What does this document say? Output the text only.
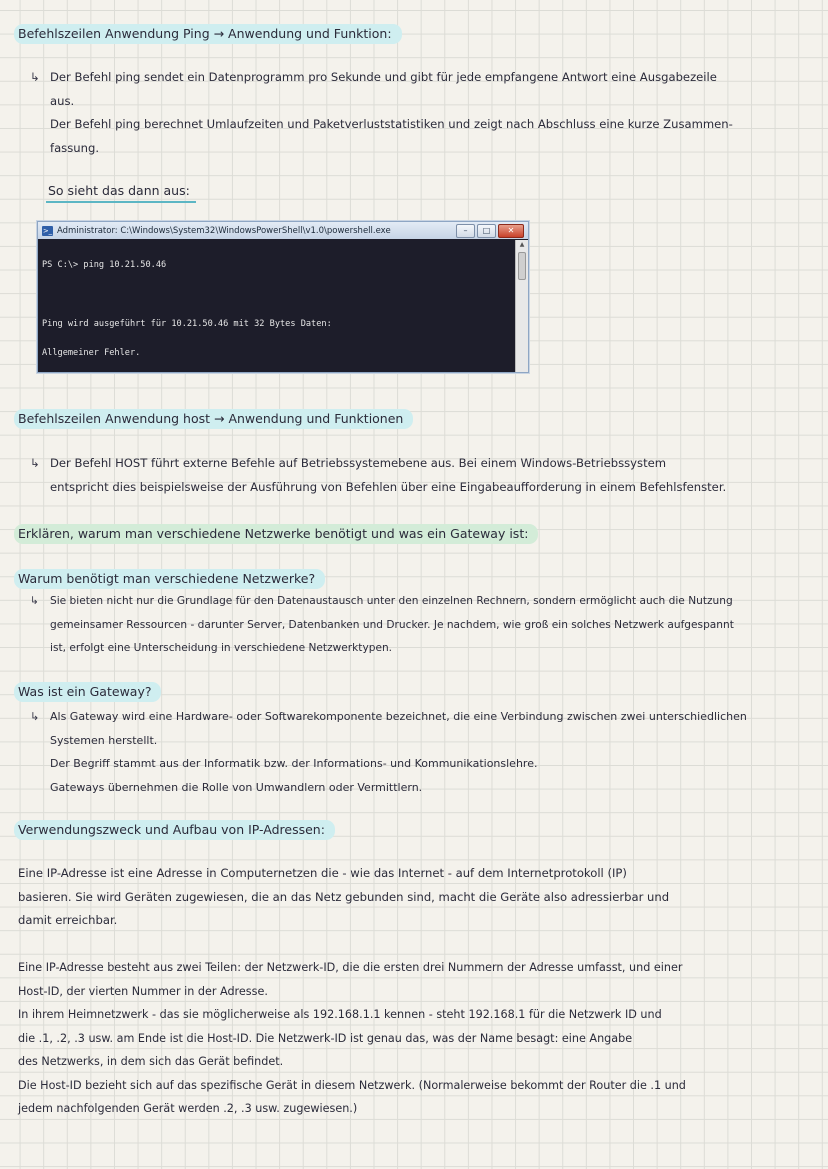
Befehlszeilen Anwendung Ping → Anwendung und Funktion:
↳ Der Befehl ping sendet ein Datenprogramm pro Sekunde und gibt für jede empfangene Antwort eine Ausgabezeile
aus.
Der Befehl ping berechnet Umlaufzeiten und Paketverluststatistiken und zeigt nach Abschluss eine kurze Zusammen-
fassung.
So sieht das dann aus:
>_ Administrator: C:\Windows\System32\WindowsPowerShell\v1.0\powershell.exe	–	□	✕

PS C:\> ping 10.21.50.46

Ping wird ausgeführt für 10.21.50.46 mit 32 Bytes Daten:

Allgemeiner Fehler.

▲
Befehlszeilen Anwendung host → Anwendung und Funktionen
↳ Der Befehl HOST führt externe Befehle auf Betriebssystemebene aus. Bei einem Windows-Betriebssystem
entspricht dies beispielsweise der Ausführung von Befehlen über eine Eingabeaufforderung in einem Befehlsfenster.
Erklären, warum man verschiedene Netzwerke benötigt und was ein Gateway ist:
Warum benötigt man verschiedene Netzwerke?
↳ Sie bieten nicht nur die Grundlage für den Datenaustausch unter den einzelnen Rechnern, sondern ermöglicht auch die Nutzung
gemeinsamer Ressourcen - darunter Server, Datenbanken und Drucker. Je nachdem, wie groß ein solches Netzwerk aufgespannt
ist, erfolgt eine Unterscheidung in verschiedene Netzwerktypen.
Was ist ein Gateway?
↳ Als Gateway wird eine Hardware- oder Softwarekomponente bezeichnet, die eine Verbindung zwischen zwei unterschiedlichen
Systemen herstellt.
Der Begriff stammt aus der Informatik bzw. der Informations- und Kommunikationslehre.
Gateways übernehmen die Rolle von Umwandlern oder Vermittlern.
Verwendungszweck und Aufbau von IP-Adressen:
Eine IP-Adresse ist eine Adresse in Computernetzen die - wie das Internet - auf dem Internetprotokoll (IP)
basieren. Sie wird Geräten zugewiesen, die an das Netz gebunden sind, macht die Geräte also adressierbar und
damit erreichbar.
Eine IP-Adresse besteht aus zwei Teilen: der Netzwerk-ID, die die ersten drei Nummern der Adresse umfasst, und einer
Host-ID, der vierten Nummer in der Adresse.
In ihrem Heimnetzwerk - das sie möglicherweise als 192.168.1.1 kennen - steht 192.168.1 für die Netzwerk ID und
die .1, .2, .3 usw. am Ende ist die Host-ID. Die Netzwerk-ID ist genau das, was der Name besagt: eine Angabe
des Netzwerks, in dem sich das Gerät befindet.
Die Host-ID bezieht sich auf das spezifische Gerät in diesem Netzwerk. (Normalerweise bekommt der Router die .1 und
jedem nachfolgenden Gerät werden .2, .3 usw. zugewiesen.)
